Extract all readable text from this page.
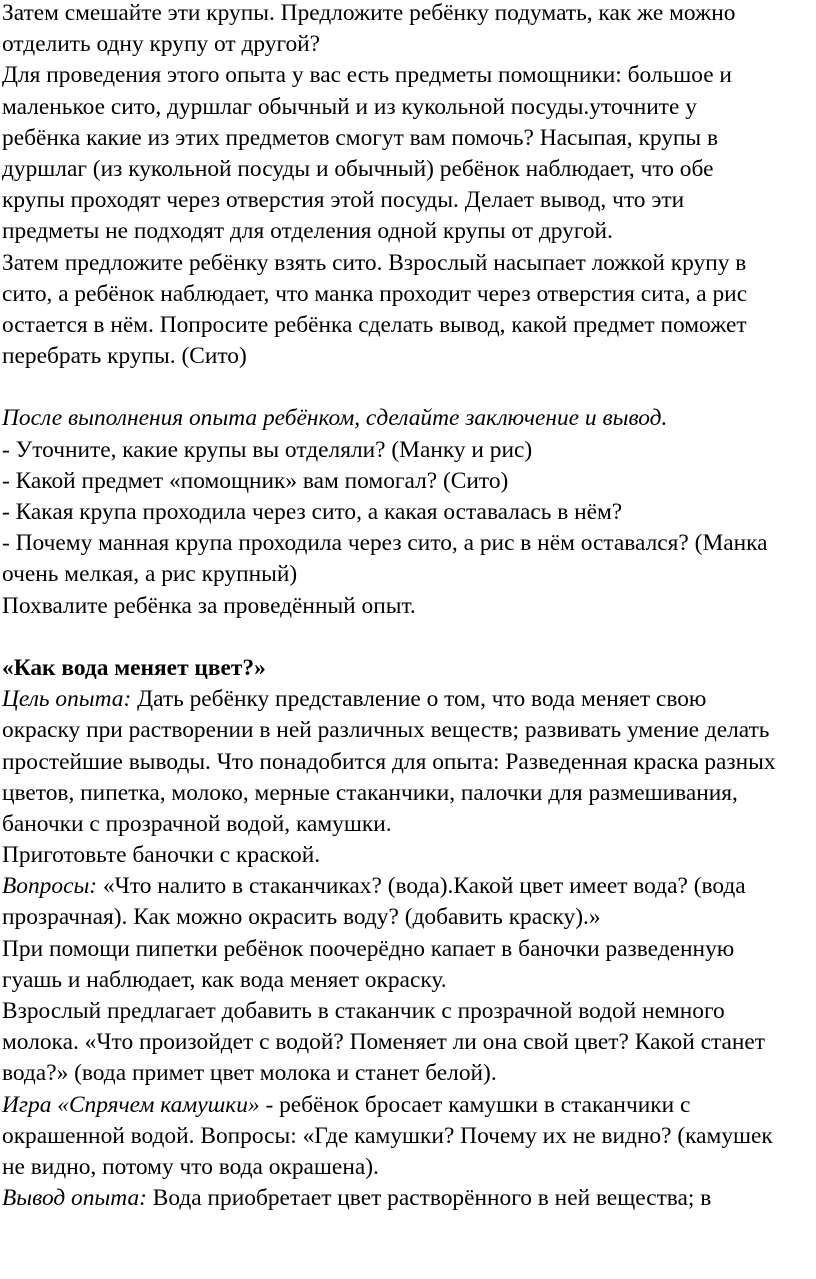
Затем смешайте эти крупы. Предложите ребёнку подумать, как же можно
отделить одну крупу от другой?
Для проведения этого опыта у вас есть предметы помощники: большое и
маленькое сито, дуршлаг обычный и из кукольной посуды.уточните у
ребёнка какие из этих предметов смогут вам помочь? Насыпая, крупы в
дуршлаг (из кукольной посуды и обычный) ребёнок наблюдает, что обе
крупы проходят через отверстия этой посуды. Делает вывод, что эти
предметы не подходят для отделения одной крупы от другой.
Затем предложите ребёнку взять сито. Взрослый насыпает ложкой крупу в
сито, а ребёнок наблюдает, что манка проходит через отверстия сита, а рис
остается в нём. Попросите ребёнка сделать вывод, какой предмет поможет
перебрать крупы. (Сито)
После выполнения опыта ребёнком, сделайте заключение и вывод.
- Уточните, какие крупы вы отделяли? (Манку и рис)
- Какой предмет «помощник» вам помогал? (Сито)
- Какая крупа проходила через сито, а какая оставалась в нём?
- Почему манная крупа проходила через сито, а рис в нём оставался? (Манка
очень мелкая, а рис крупный)
Похвалите ребёнка за проведённый опыт.
«Как вода меняет цвет?»
Цель опыта: Дать ребёнку представление о том, что вода меняет свою
окраску при растворении в ней различных веществ; развивать умение делать
простейшие выводы. Что понадобится для опыта: Разведенная краска разных
цветов, пипетка, молоко, мерные стаканчики, палочки для размешивания,
баночки с прозрачной водой, камушки.
Приготовьте баночки с краской.
Вопросы: «Что налито в стаканчиках? (вода).Какой цвет имеет вода? (вода
прозрачная). Как можно окрасить воду? (добавить краску).»
При помощи пипетки ребёнок поочерёдно капает в баночки разведенную
гуашь и наблюдает, как вода меняет окраску.
Взрослый предлагает добавить в стаканчик с прозрачной водой немного
молока. «Что произойдет с водой? Поменяет ли она свой цвет? Какой станет
вода?» (вода примет цвет молока и станет белой).
Игра «Спрячем камушки» - ребёнок бросает камушки в стаканчики с
окрашенной водой. Вопросы: «Где камушки? Почему их не видно? (камушек
не видно, потому что вода окрашена).
Вывод опыта: Вода приобретает цвет растворённого в ней вещества; в
